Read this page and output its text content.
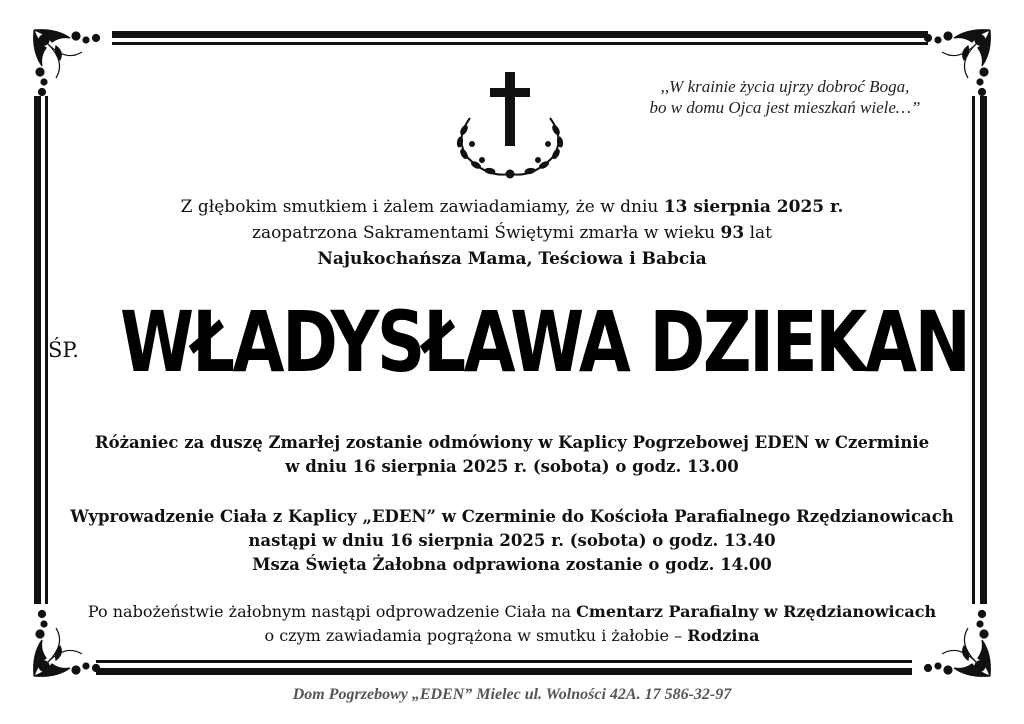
,,W krainie życia ujrzy dobroć Boga,
bo w domu Ojca jest mieszkań wiele…”
Z głębokim smutkiem i żalem zawiadamiamy, że w dniu 13 sierpnia 2025 r.
zaopatrzona Sakramentami Świętymi zmarła w wieku 93 lat
Najukochańsza Mama, Teściowa i Babcia
ŚP. WŁADYSŁAWA DZIEKAN
Różaniec za duszę Zmarłej zostanie odmówiony w Kaplicy Pogrzebowej EDEN w Czerminie
w dniu 16 sierpnia 2025 r. (sobota) o godz. 13.00
Wyprowadzenie Ciała z Kaplicy „EDEN” w Czerminie do Kościoła Parafialnego Rzędzianowicach
nastąpi w dniu 16 sierpnia 2025 r. (sobota) o godz. 13.40
Msza Święta Żałobna odprawiona zostanie o godz. 14.00
Po nabożeństwie żałobnym nastąpi odprowadzenie Ciała na Cmentarz Parafialny w Rzędzianowicach
o czym zawiadamia pogrążona w smutku i żałobie – Rodzina
Dom Pogrzebowy „EDEN” Mielec ul. Wolności 42A. 17 586-32-97
